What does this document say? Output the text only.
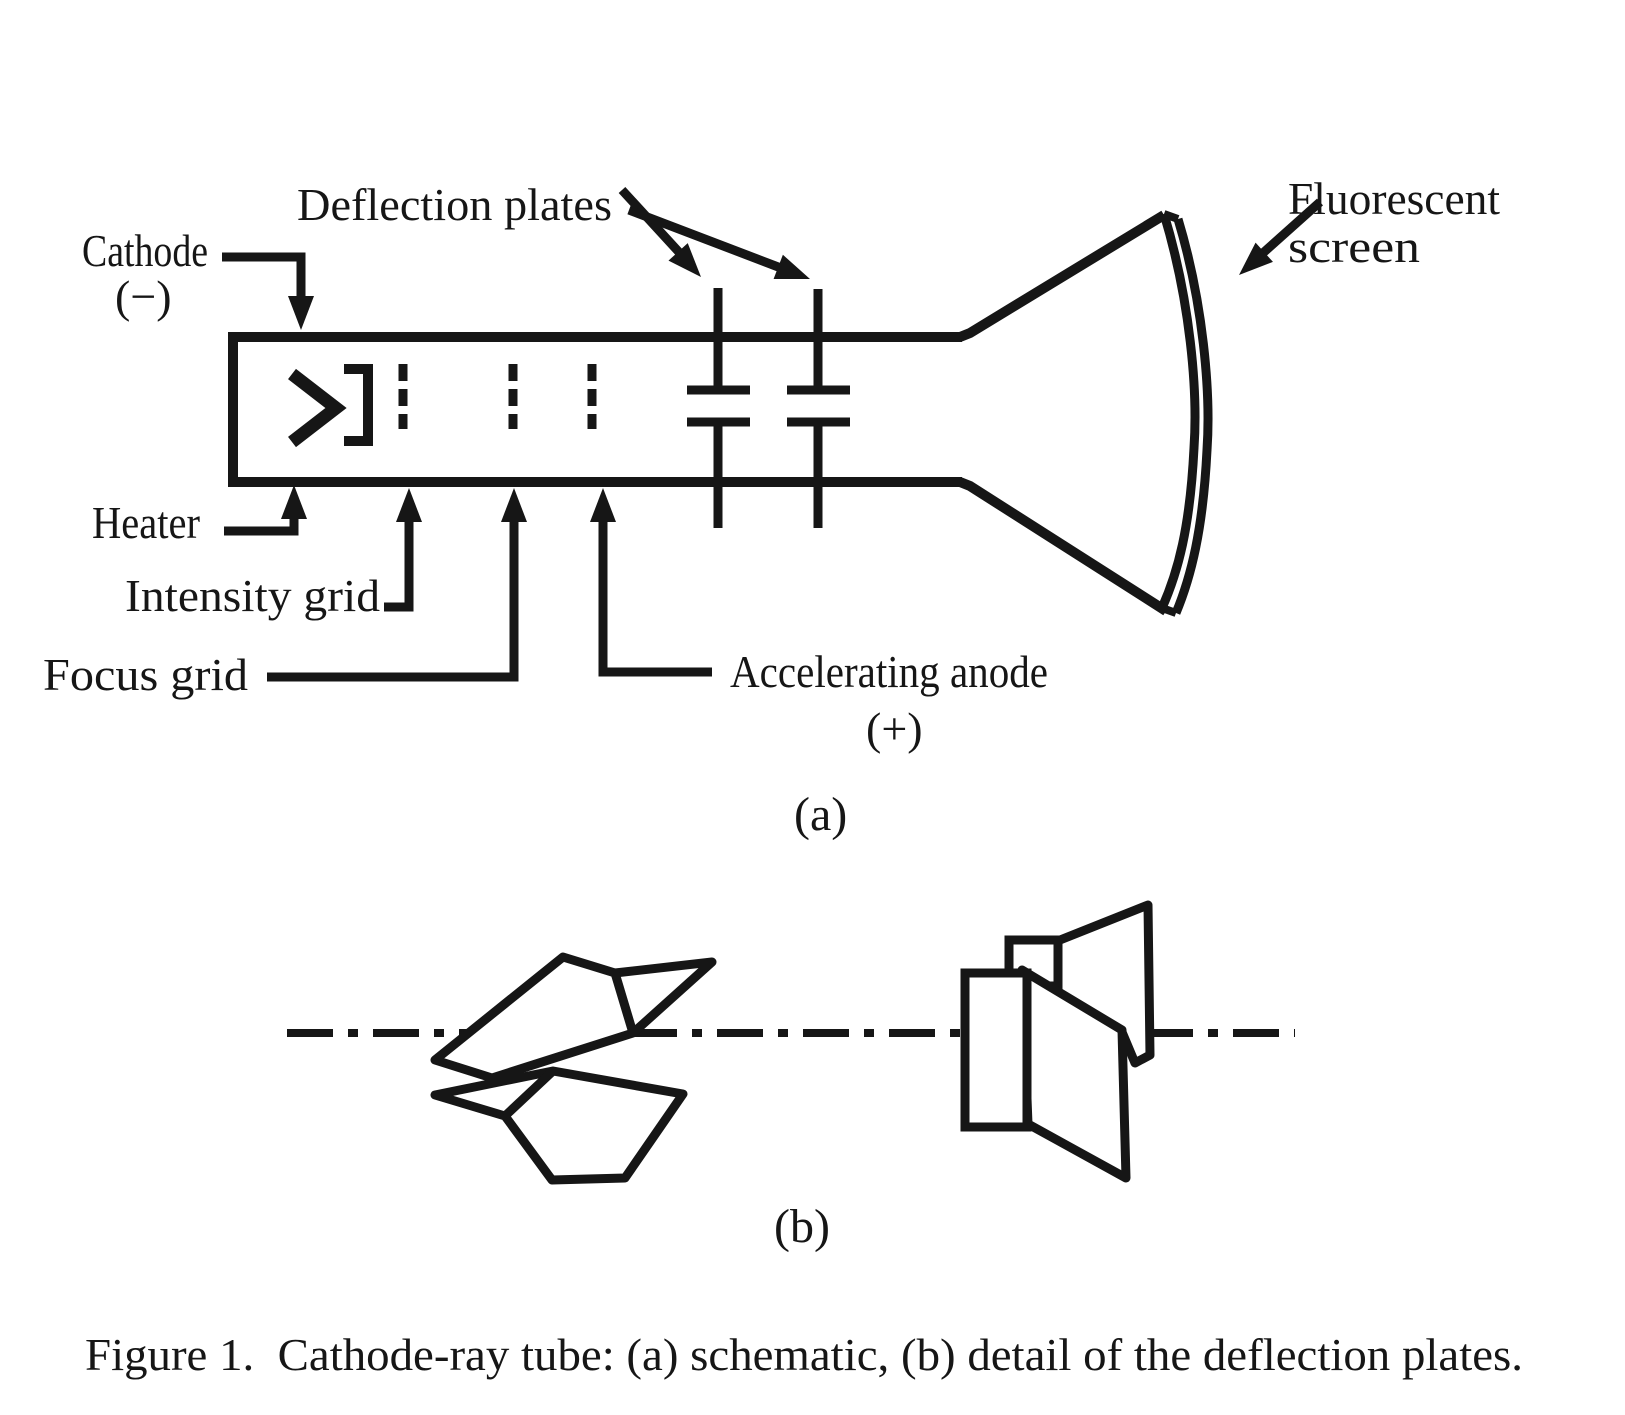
Cathode
(−)
Deflection plates	Fluorescent
screen
Heater
Intensity grid
Focus grid	Accelerating anode
(+)
(a)
(b)
Figure 1.  Cathode-ray tube: (a) schematic, (b) detail of the deflection plates.
